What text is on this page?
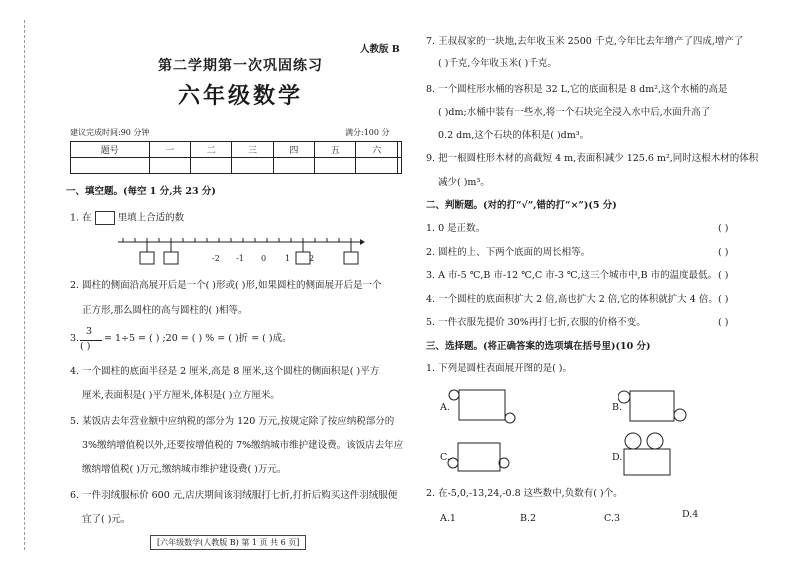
人教版 B
第二学期第一次巩固练习
六年级数学
建议完成时间:90 分钟	满分:100 分
题号	一	二	三	四	五	六	

一、填空题。(每空 1 分,共 23 分)
1. 在	里填上合适的数
-2 -1 0 1 2
2. 圆柱的侧面沿高展开后是一个( )形或( )形,如果圆柱的侧面展开后是一个
正方形,那么圆柱的高与圆柱的( )相等。
3.
3
( )
= 1÷5 = ( ) ;20 = ( ) % = ( )折 = ( )成。
4. 一个圆柱的底面半径是 2 厘米,高是 8 厘米,这个圆柱的侧面积是( )平方
厘米,表面积是( )平方厘米,体积是( )立方厘米。
5. 某饭店去年营业额中应纳税的部分为 120 万元,按规定除了按应纳税部分的
3%缴纳增值税以外,还要按增值税的 7%缴纳城市维护建设费。该饭店去年应
缴纳增值税( )万元,缴纳城市维护建设费( )万元。
6. 一件羽绒服标价 600 元,店庆期间该羽绒服打七折,打折后购买这件羽绒服便
宜了( )元。
7. 王叔叔家的一块地,去年收玉米 2500 千克,今年比去年增产了四成,增产了
( )千克,今年收玉米( )千克。
8. 一个圆柱形水桶的容积是 32 L,它的底面积是 8 dm²,这个水桶的高是
( )dm;水桶中装有一些水,将一个石块完全浸入水中后,水面升高了
0.2 dm,这个石块的体积是( )dm³。
9. 把一根圆柱形木材的高截短 4 m,表面积减少 125.6 m²,同时这根木材的体积
减少( )m³。
二、判断题。(对的打“√”,错的打“×”)(5 分)
1. 0 是正数。	( )
2. 圆柱的上、下两个底面的周长相等。	( )
3. A 市-5 ℃,B 市-12 ℃,C 市-3 ℃,这三个城市中,B 市的温度最低。 ( )
4. 一个圆柱的底面积扩大 2 倍,高也扩大 2 倍,它的体积就扩大 4 倍。 ( )
5. 一件衣服先提价 30%再打七折,衣服的价格不变。	( )
三、选择题。(将正确答案的选项填在括号里)(10 分)
1. 下列是圆柱表面展开图的是( )。
A.	B.
C.	D.
2. 在-5,0,-13,24,-0.8 这些数中,负数有( )个。
A.1	B.2	C.3	D.4
[六年级数学(人教版 B) 第 1 页 共 6 页]
